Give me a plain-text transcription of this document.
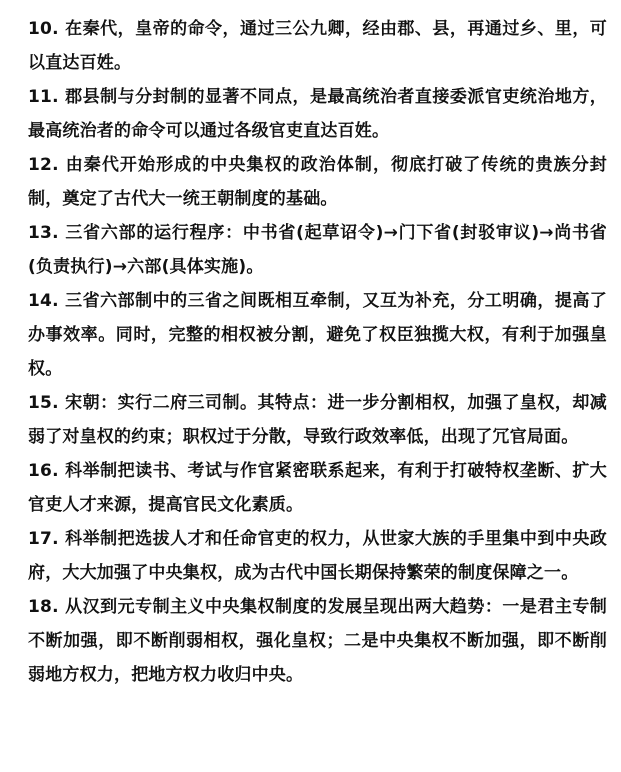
10. 在秦代，皇帝的命令，通过三公九卿，经由郡、县，再通过乡、里，可以直达百姓。

11. 郡县制与分封制的显著不同点，是最高统治者直接委派官吏统治地方，最高统治者的命令可以通过各级官吏直达百姓。

12. 由秦代开始形成的中央集权的政治体制，彻底打破了传统的贵族分封制，奠定了古代大一统王朝制度的基础。

13. 三省六部的运行程序：中书省(起草诏令)→门下省(封驳审议)→尚书省(负责执行)→六部(具体实施)。

14. 三省六部制中的三省之间既相互牵制，又互为补充，分工明确，提高了办事效率。同时，完整的相权被分割，避免了权臣独揽大权，有利于加强皇权。

15. 宋朝：实行二府三司制。其特点：进一步分割相权，加强了皇权，却减弱了对皇权的约束；职权过于分散，导致行政效率低，出现了冗官局面。

16. 科举制把读书、考试与作官紧密联系起来，有利于打破特权垄断、扩大官吏人才来源，提高官民文化素质。

17. 科举制把选拔人才和任命官吏的权力，从世家大族的手里集中到中央政府，大大加强了中央集权，成为古代中国长期保持繁荣的制度保障之一。

18. 从汉到元专制主义中央集权制度的发展呈现出两大趋势：一是君主专制不断加强，即不断削弱相权，强化皇权；二是中央集权不断加强，即不断削弱地方权力，把地方权力收归中央。
